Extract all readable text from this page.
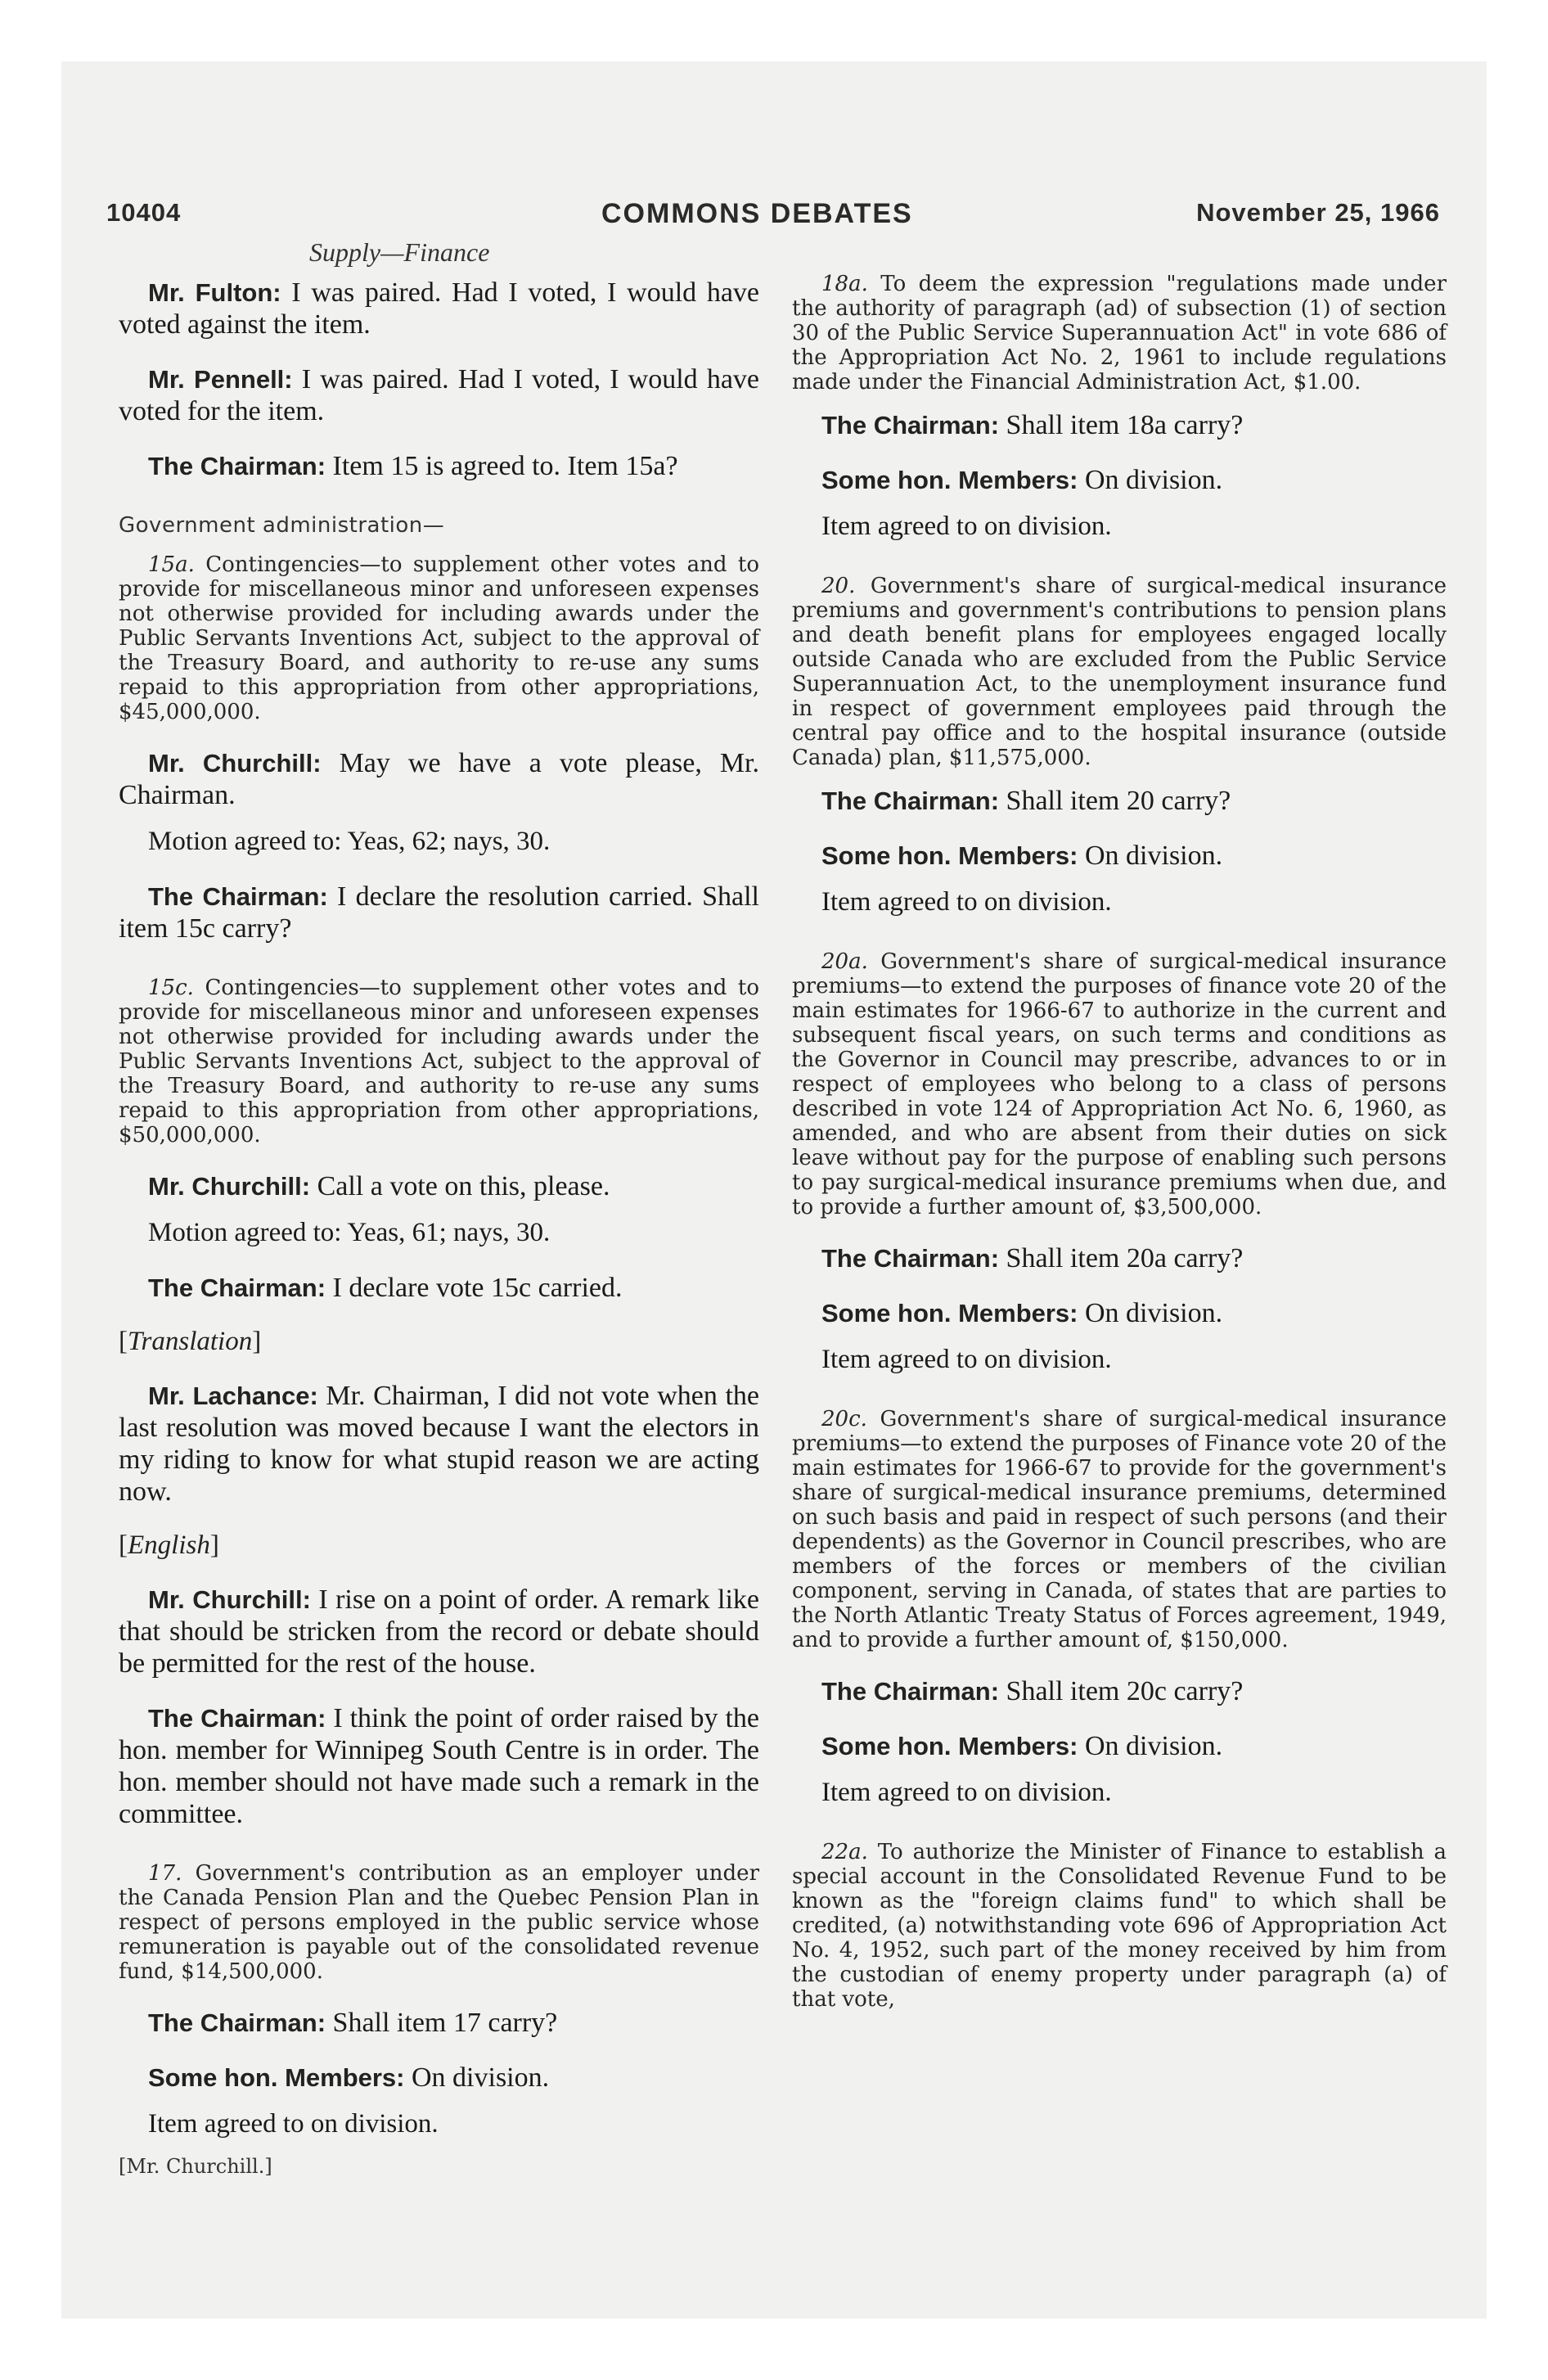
10404	COMMONS DEBATES	November 25, 1966
Supply—Finance

Mr. Fulton: I was paired. Had I voted, I would have voted against the item.

Mr. Pennell: I was paired. Had I voted, I would have voted for the item.

The Chairman: Item 15 is agreed to. Item 15a?

Government administration—

15a. Contingencies—to supplement other votes and to provide for miscellaneous minor and unforeseen expenses not otherwise provided for including awards under the Public Servants Inventions Act, subject to the approval of the Treasury Board, and authority to re-use any sums repaid to this appropriation from other appropriations, $45,000,000.

Mr. Churchill: May we have a vote please, Mr. Chairman.

Motion agreed to: Yeas, 62; nays, 30.

The Chairman: I declare the resolution carried. Shall item 15c carry?

15c. Contingencies—to supplement other votes and to provide for miscellaneous minor and unforeseen expenses not otherwise provided for including awards under the Public Servants Inventions Act, subject to the approval of the Treasury Board, and authority to re-use any sums repaid to this appropriation from other appropriations, $50,000,000.

Mr. Churchill: Call a vote on this, please.

Motion agreed to: Yeas, 61; nays, 30.

The Chairman: I declare vote 15c carried.

[Translation]

Mr. Lachance: Mr. Chairman, I did not vote when the last resolution was moved because I want the electors in my riding to know for what stupid reason we are acting now.

[English]

Mr. Churchill: I rise on a point of order. A remark like that should be stricken from the record or debate should be permitted for the rest of the house.

The Chairman: I think the point of order raised by the hon. member for Winnipeg South Centre is in order. The hon. member should not have made such a remark in the committee.

17. Government's contribution as an employer under the Canada Pension Plan and the Quebec Pension Plan in respect of persons employed in the public service whose remuneration is payable out of the consolidated revenue fund, $14,500,000.

The Chairman: Shall item 17 carry?

Some hon. Members: On division.

Item agreed to on division.

[Mr. Churchill.]

18a. To deem the expression "regulations made under the authority of paragraph (ad) of subsection (1) of section 30 of the Public Service Superannuation Act" in vote 686 of the Appropriation Act No. 2, 1961 to include regulations made under the Financial Administration Act, $1.00.

The Chairman: Shall item 18a carry?

Some hon. Members: On division.

Item agreed to on division.

20. Government's share of surgical-medical insurance premiums and government's contributions to pension plans and death benefit plans for employees engaged locally outside Canada who are excluded from the Public Service Superannuation Act, to the unemployment insurance fund in respect of government employees paid through the central pay office and to the hospital insurance (outside Canada) plan, $11,575,000.

The Chairman: Shall item 20 carry?

Some hon. Members: On division.

Item agreed to on division.

20a. Government's share of surgical-medical insurance premiums—to extend the purposes of finance vote 20 of the main estimates for 1966-67 to authorize in the current and subsequent fiscal years, on such terms and conditions as the Governor in Council may prescribe, advances to or in respect of employees who belong to a class of persons described in vote 124 of Appropriation Act No. 6, 1960, as amended, and who are absent from their duties on sick leave without pay for the purpose of enabling such persons to pay surgical-medical insurance premiums when due, and to provide a further amount of, $3,500,000.

The Chairman: Shall item 20a carry?

Some hon. Members: On division.

Item agreed to on division.

20c. Government's share of surgical-medical insurance premiums—to extend the purposes of Finance vote 20 of the main estimates for 1966-67 to provide for the government's share of surgical-medical insurance premiums, determined on such basis and paid in respect of such persons (and their dependents) as the Governor in Council prescribes, who are members of the forces or members of the civilian component, serving in Canada, of states that are parties to the North Atlantic Treaty Status of Forces agreement, 1949, and to provide a further amount of, $150,000.

The Chairman: Shall item 20c carry?

Some hon. Members: On division.

Item agreed to on division.

22a. To authorize the Minister of Finance to establish a special account in the Consolidated Revenue Fund to be known as the "foreign claims fund" to which shall be credited, (a) notwithstanding vote 696 of Appropriation Act No. 4, 1952, such part of the money received by him from the custodian of enemy property under paragraph (a) of that vote,
